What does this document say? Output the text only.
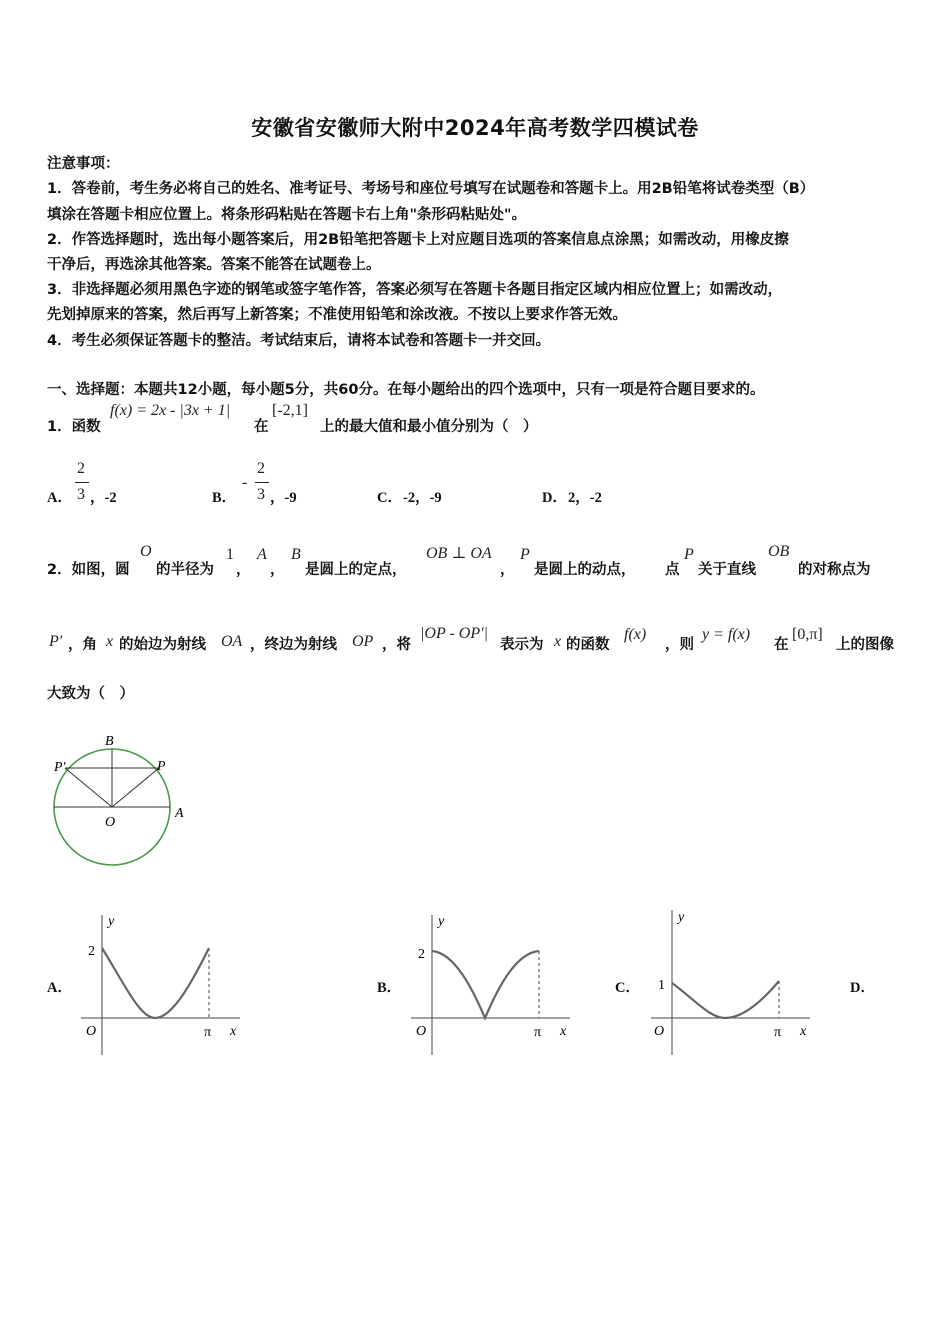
安徽省安徽师大附中2024年高考数学四模试卷
注意事项：
1．答卷前，考生务必将自己的姓名、准考证号、考场号和座位号填写在试题卷和答题卡上。用2B铅笔将试卷类型（B）
填涂在答题卡相应位置上。将条形码粘贴在答题卡右上角"条形码粘贴处"。
2．作答选择题时，选出每小题答案后，用2B铅笔把答题卡上对应题目选项的答案信息点涂黑；如需改动，用橡皮擦
干净后，再选涂其他答案。答案不能答在试题卷上。
3．非选择题必须用黑色字迹的钢笔或签字笔作答，答案必须写在答题卡各题目指定区域内相应位置上；如需改动，
先划掉原来的答案，然后再写上新答案；不准使用铅笔和涂改液。不按以上要求作答无效。
4．考生必须保证答题卡的整洁。考试结束后，请将本试卷和答题卡一并交回。
一、选择题：本题共12小题，每小题5分，共60分。在每小题给出的四个选项中，只有一项是符合题目要求的。
1．函数
f(x) = 2x - |3x + 1|
在
[-2,1]
上的最大值和最小值分别为（　）
A．
2
3 ，-2	B．
-
2
3 ，-9	C． -2，-9	D． 2，-2
2．如图，圆
O
的半径为
1
，
A
，
B
是圆上的定点，
OB ⊥ OA
，
P
是圆上的动点， 点
P
关于直线
OB
的对称点为
P′ ，角 x 的始边为射线 OA ，终边为射线 OP ，将
|OP - OP′|
表示为 x 的函数
f(x)
，则
y = f(x)
在
[0,π]
上的图像
大致为（　）
B
P
P′
O
A
A．
y
2
O	π x
B．
y
2
O	π x
C．
y
1
O	π x
D．
